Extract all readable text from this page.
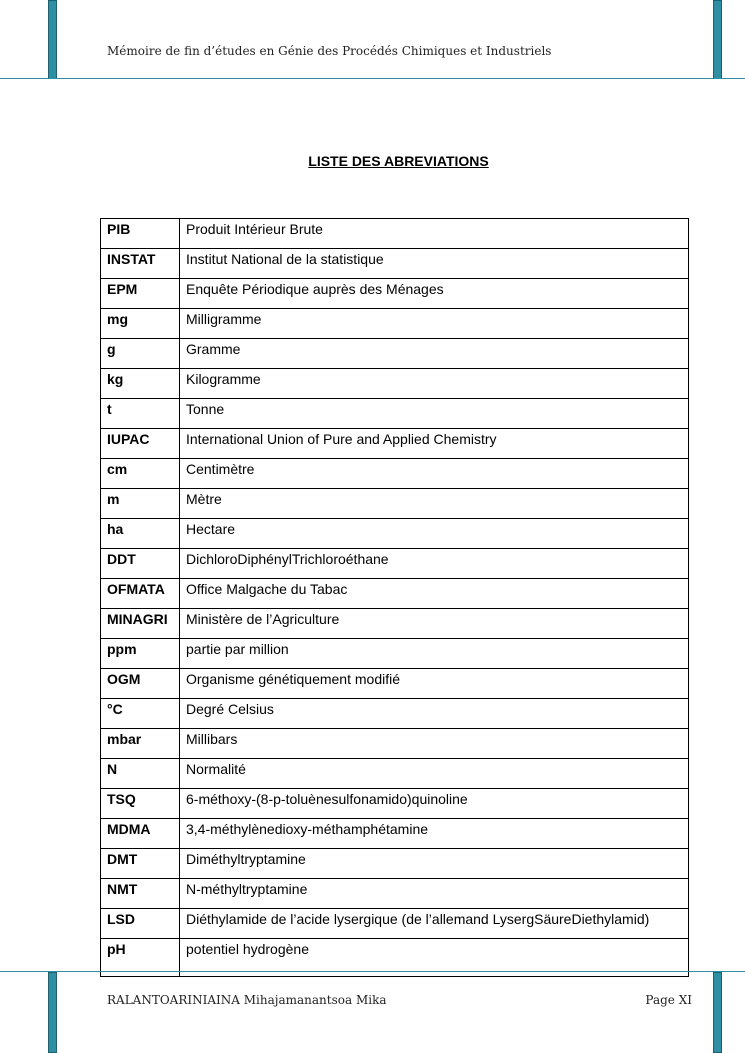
Mémoire de fin d’études en Génie des Procédés Chimiques et Industriels
LISTE DES ABREVIATIONS
PIB	Produit Intérieur Brute
INSTAT	Institut National de la statistique
EPM	Enquête Périodique auprès des Ménages
mg	Milligramme
g	Gramme
kg	Kilogramme
t	Tonne
IUPAC	International Union of Pure and Applied Chemistry
cm	Centimètre
m	Mètre
ha	Hectare
DDT	DichloroDiphénylTrichloroéthane
OFMATA	Office Malgache du Tabac
MINAGRI	Ministère de l’Agriculture
ppm	partie par million
OGM	Organisme génétiquement modifié
°C	Degré Celsius
mbar	Millibars
N	Normalité
TSQ	6-méthoxy-(8-p-toluènesulfonamido)quinoline
MDMA	3,4-méthylènedioxy-méthamphétamine
DMT	Diméthyltryptamine
NMT	N-méthyltryptamine
LSD	Diéthylamide de l’acide lysergique (de l’allemand LysergSäureDiethylamid)
pH	potentiel hydrogène
RALANTOARINIAINA Mihajamanantsoa Mika	Page XI
